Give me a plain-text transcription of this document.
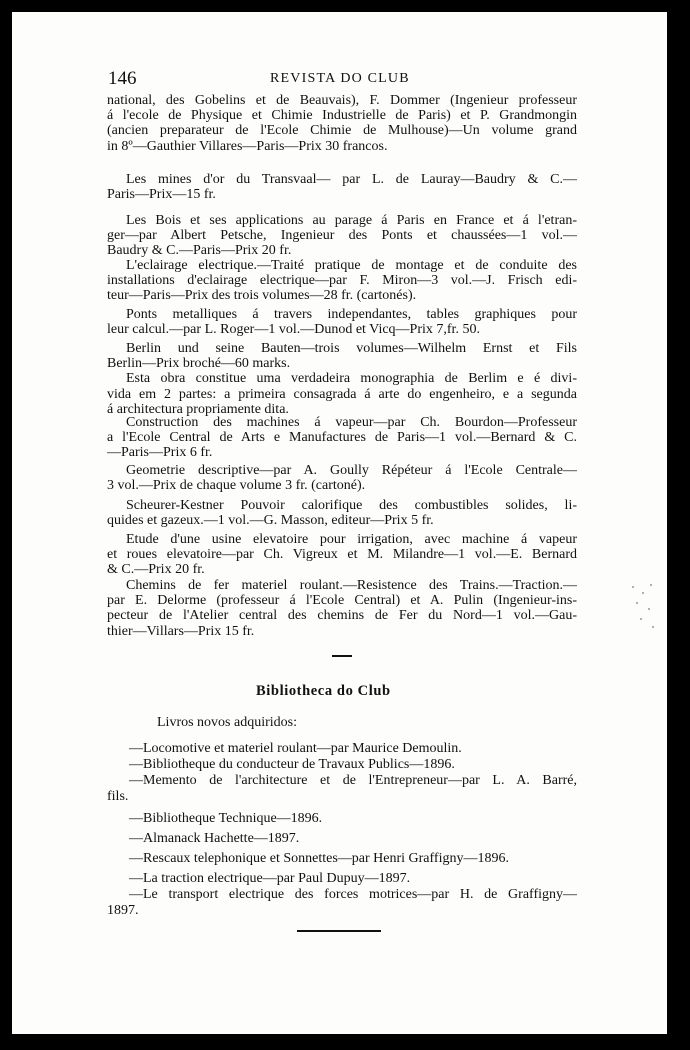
146	REVISTA DO CLUB
national, des Gobelins et de Beauvais), F. Dommer (Ingenieur professeur
á l'ecole de Physique et Chimie Industrielle de Paris) et P. Grandmongin
(ancien preparateur de l'Ecole Chimie de Mulhouse)—Un volume grand
in 8º—Gauthier Villares—Paris—Prix 30 francos.
Les mines d'or du Transvaal— par L. de Lauray—Baudry & C.—
Paris—Prix—15 fr.
Les Bois et ses applications au parage á Paris en France et á l'etran-
ger—par Albert Petsche, Ingenieur des Ponts et chaussées—1 vol.—
Baudry & C.—Paris—Prix 20 fr.
L'eclairage electrique.—Traité pratique de montage et de conduite des
installations d'eclairage electrique—par F. Miron—3 vol.—J. Frisch edi-
teur—Paris—Prix des trois volumes—28 fr. (cartonés).
Ponts metalliques á travers independantes, tables graphiques pour
leur calcul.—par L. Roger—1 vol.—Dunod et Vicq—Prix 7,fr. 50.
Berlin und seine Bauten—trois volumes—Wilhelm Ernst et Fils
Berlin—Prix broché—60 marks.
Esta obra constitue uma verdadeira monographia de Berlim e é divi-
vida em 2 partes: a primeira consagrada á arte do engenheiro, e a segunda
á architectura propriamente dita.
Construction des machines á vapeur—par Ch. Bourdon—Professeur
a l'Ecole Central de Arts e Manufactures de Paris—1 vol.—Bernard & C.
—Paris—Prix 6 fr.
Geometrie descriptive—par A. Goully Répéteur á l'Ecole Centrale—
3 vol.—Prix de chaque volume 3 fr. (cartoné).
Scheurer-Kestner Pouvoir calorifique des combustibles solides, li-
quides et gazeux.—1 vol.—G. Masson, editeur—Prix 5 fr.
Etude d'une usine elevatoire pour irrigation, avec machine á vapeur
et roues elevatoire—par Ch. Vigreux et M. Milandre—1 vol.—E. Bernard
& C.—Prix 20 fr.
Chemins de fer materiel roulant.—Resistence des Trains.—Traction.—
par E. Delorme (professeur á l'Ecole Central) et A. Pulin (Ingenieur-ins-
pecteur de l'Atelier central des chemins de Fer du Nord—1 vol.—Gau-
thier—Villars—Prix 15 fr.
Bibliotheca do Club
Livros novos adquiridos:
—Locomotive et materiel roulant—par Maurice Demoulin.
—Bibliotheque du conducteur de Travaux Publics—1896.
—Memento de l'architecture et de l'Entrepreneur—par L. A. Barré,
fils.
—Bibliotheque Technique—1896.
—Almanack Hachette—1897.
—Rescaux telephonique et Sonnettes—par Henri Graffigny—1896.
—La traction electrique—par Paul Dupuy—1897.
—Le transport electrique des forces motrices—par H. de Graffigny—
1897.
